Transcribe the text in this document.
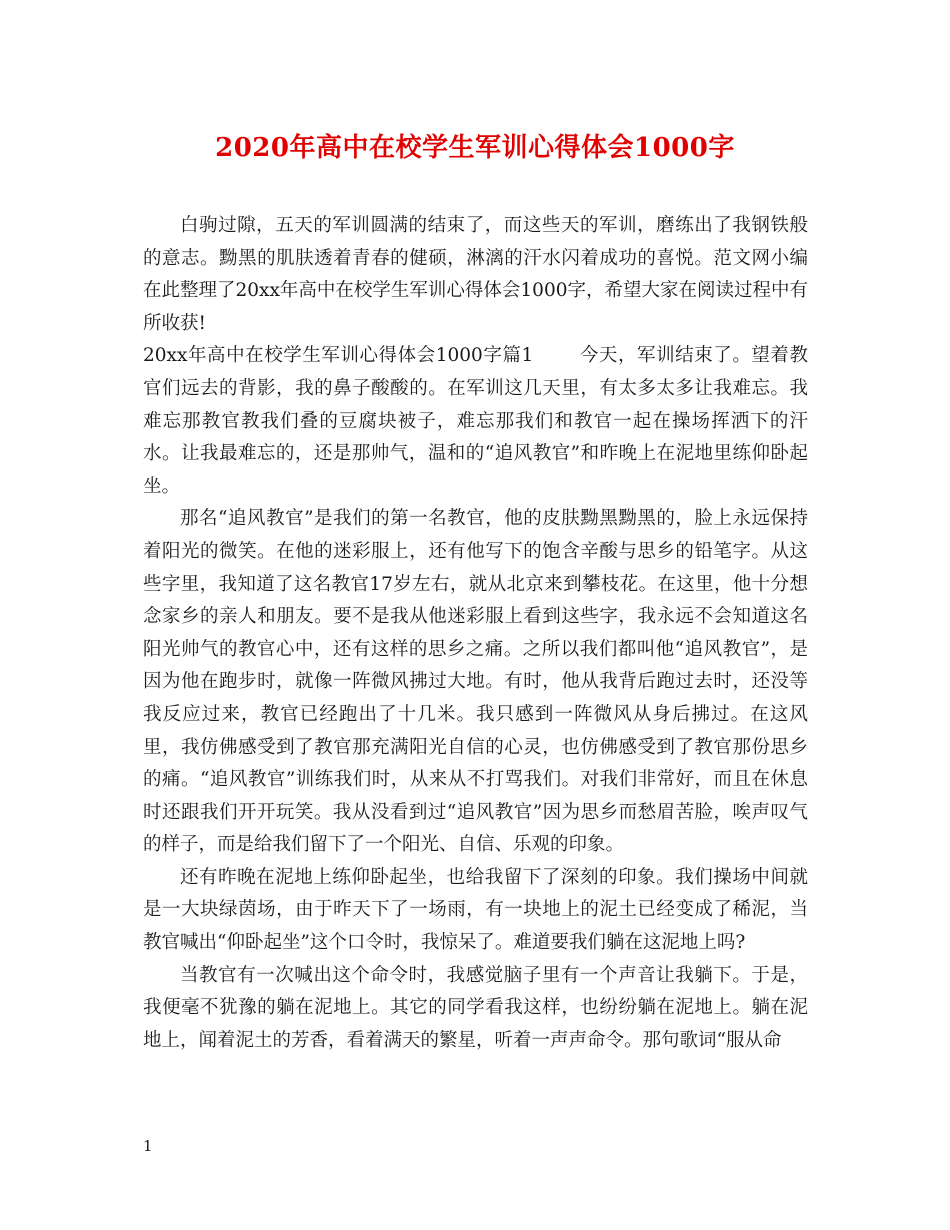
2020年高中在校学生军训心得体会1000字

白驹过隙，五天的军训圆满的结束了，而这些天的军训，磨练出了我钢铁般的意志。黝黑的肌肤透着青春的健硕，淋漓的汗水闪着成功的喜悦。范文网小编在此整理了20xx年高中在校学生军训心得体会1000字，希望大家在阅读过程中有所收获!

20xx年高中在校学生军训心得体会1000字篇1 今天，军训结束了。望着教官们远去的背影，我的鼻子酸酸的。在军训这几天里，有太多太多让我难忘。我难忘那教官教我们叠的豆腐块被子，难忘那我们和教官一起在操场挥洒下的汗水。让我最难忘的，还是那帅气，温和的“追风教官”和昨晚上在泥地里练仰卧起坐。

那名“追风教官”是我们的第一名教官，他的皮肤黝黑黝黑的，脸上永远保持着阳光的微笑。在他的迷彩服上，还有他写下的饱含辛酸与思乡的铅笔字。从这些字里，我知道了这名教官17岁左右，就从北京来到攀枝花。在这里，他十分想念家乡的亲人和朋友。要不是我从他迷彩服上看到这些字，我永远不会知道这名阳光帅气的教官心中，还有这样的思乡之痛。之所以我们都叫他“追风教官”，是因为他在跑步时，就像一阵微风拂过大地。有时，他从我背后跑过去时，还没等我反应过来，教官已经跑出了十几米。我只感到一阵微风从身后拂过。在这风里，我仿佛感受到了教官那充满阳光自信的心灵，也仿佛感受到了教官那份思乡的痛。“追风教官”训练我们时，从来从不打骂我们。对我们非常好，而且在休息时还跟我们开开玩笑。我从没看到过“追风教官”因为思乡而愁眉苦脸，唉声叹气的样子，而是给我们留下了一个阳光、自信、乐观的印象。

还有昨晚在泥地上练仰卧起坐，也给我留下了深刻的印象。我们操场中间就是一大块绿茵场，由于昨天下了一场雨，有一块地上的泥土已经变成了稀泥，当教官喊出“仰卧起坐”这个口令时，我惊呆了。难道要我们躺在这泥地上吗?

当教官有一次喊出这个命令时，我感觉脑子里有一个声音让我躺下。于是，我便毫不犹豫的躺在泥地上。其它的同学看我这样，也纷纷躺在泥地上。躺在泥地上，闻着泥土的芳香，看着满天的繁星，听着一声声命令。那句歌词“服从命

1
